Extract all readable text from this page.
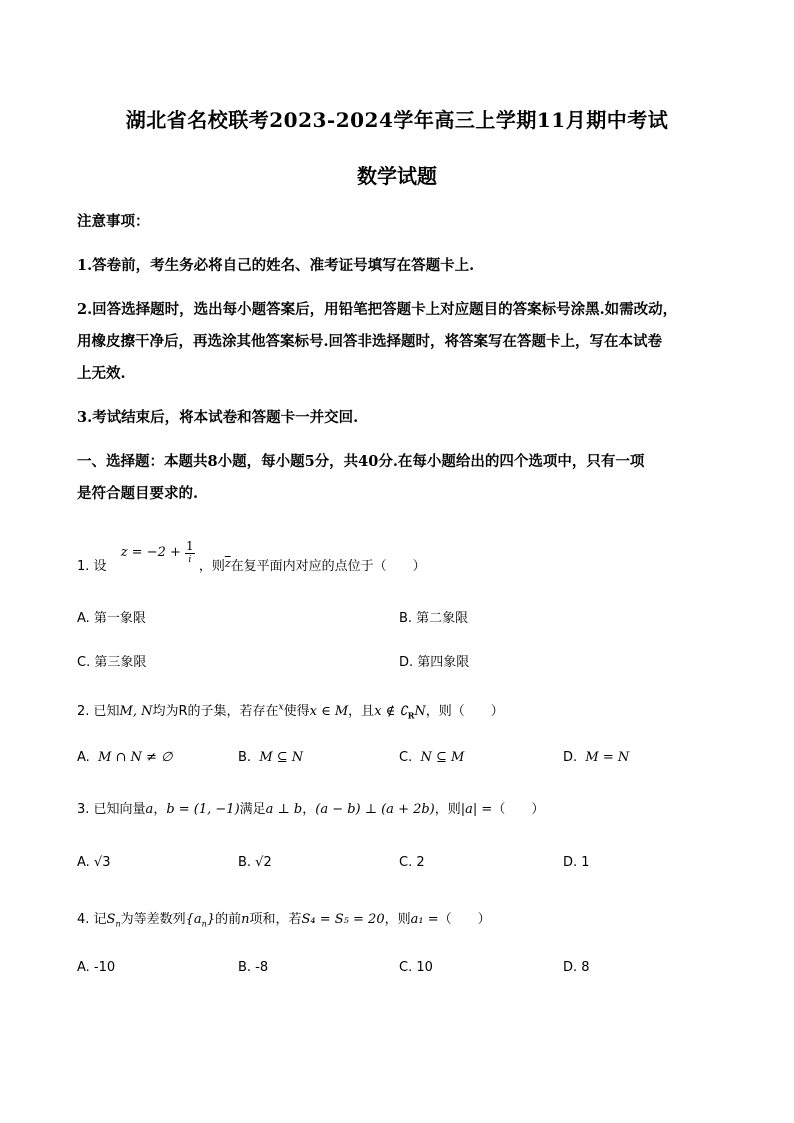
湖北省名校联考2023-2024学年高三上学期11月期中考试
数学试题
注意事项：
1.答卷前，考生务必将自己的姓名、准考证号填写在答题卡上.
2.回答选择题时，选出每小题答案后，用铅笔把答题卡上对应题目的答案标号涂黑.如需改动，
用橡皮擦干净后，再选涂其他答案标号.回答非选择题时，将答案写在答题卡上，写在本试卷
上无效.
3.考试结束后，将本试卷和答题卡一并交回.
一、选择题：本题共8小题，每小题5分，共40分.在每小题给出的四个选项中，只有一项
是符合题目要求的.
1. 设 $z = -2 + \frac{1}{i}$
，则$^{\overline{z}}$在复平面内对应的点位于（　　）
A. 第一象限	B. 第二象限
C. 第三象限	D. 第四象限
2. 已知M, N均为R的子集，若存在$^x$使得x ∈ M，且x ∉ $∁_RN$，则（　　）
A. M ∩ N ≠ ∅	B. M ⊆ N	C. N ⊆ M	D. M = N
3. 已知向量a，b = (1, −1)满足a ⊥ b，(a − b) ⊥ (a + 2b)，则|a| =（　　）
A. √3	B. √2	C. 2	D. 1
4. 记$S_n$为等差数列$\{a_n\}$的前n项和，若S₄ = S₅ = 20，则a₁ =（　　）
A. -10	B. -8	C. 10	D. 8
